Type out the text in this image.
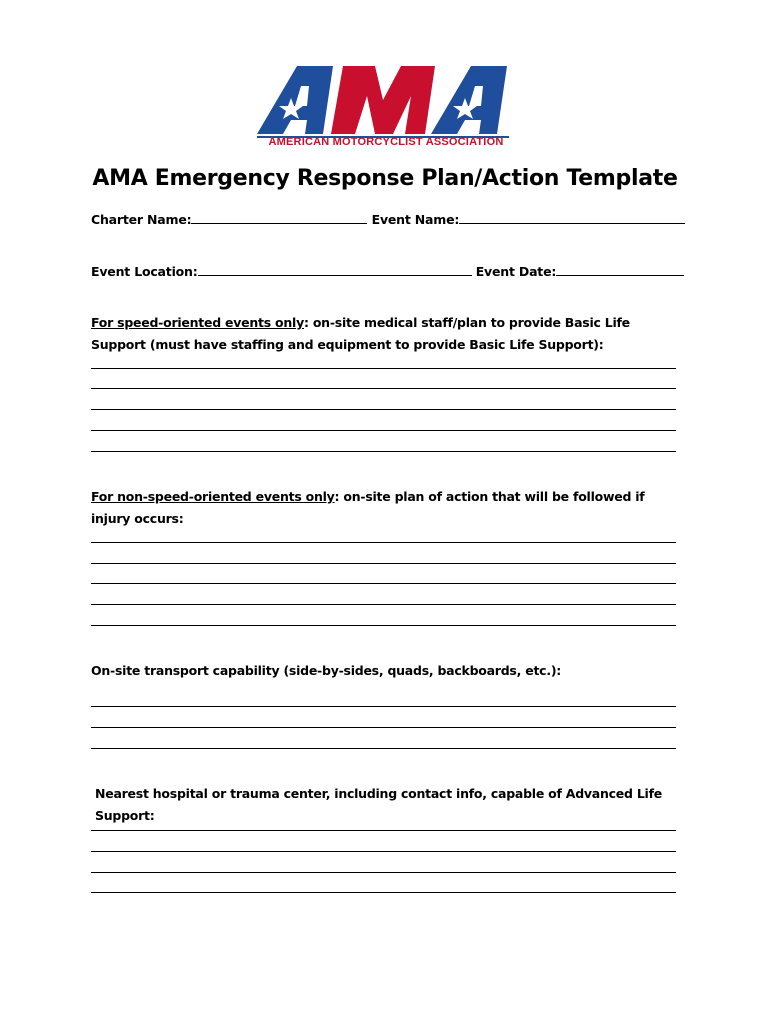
AMERICAN MOTORCYCLIST ASSOCIATION
AMA Emergency Response Plan/Action Template
Charter Name:	Event Name:
Event Location:	Event Date:
For speed-oriented events only: on-site medical staff/plan to provide Basic Life Support (must have staffing and equipment to provide Basic Life Support):
For non-speed-oriented events only: on-site plan of action that will be followed if injury occurs:
On-site transport capability (side-by-sides, quads, backboards, etc.):
Nearest hospital or trauma center, including contact info, capable of Advanced Life Support:
